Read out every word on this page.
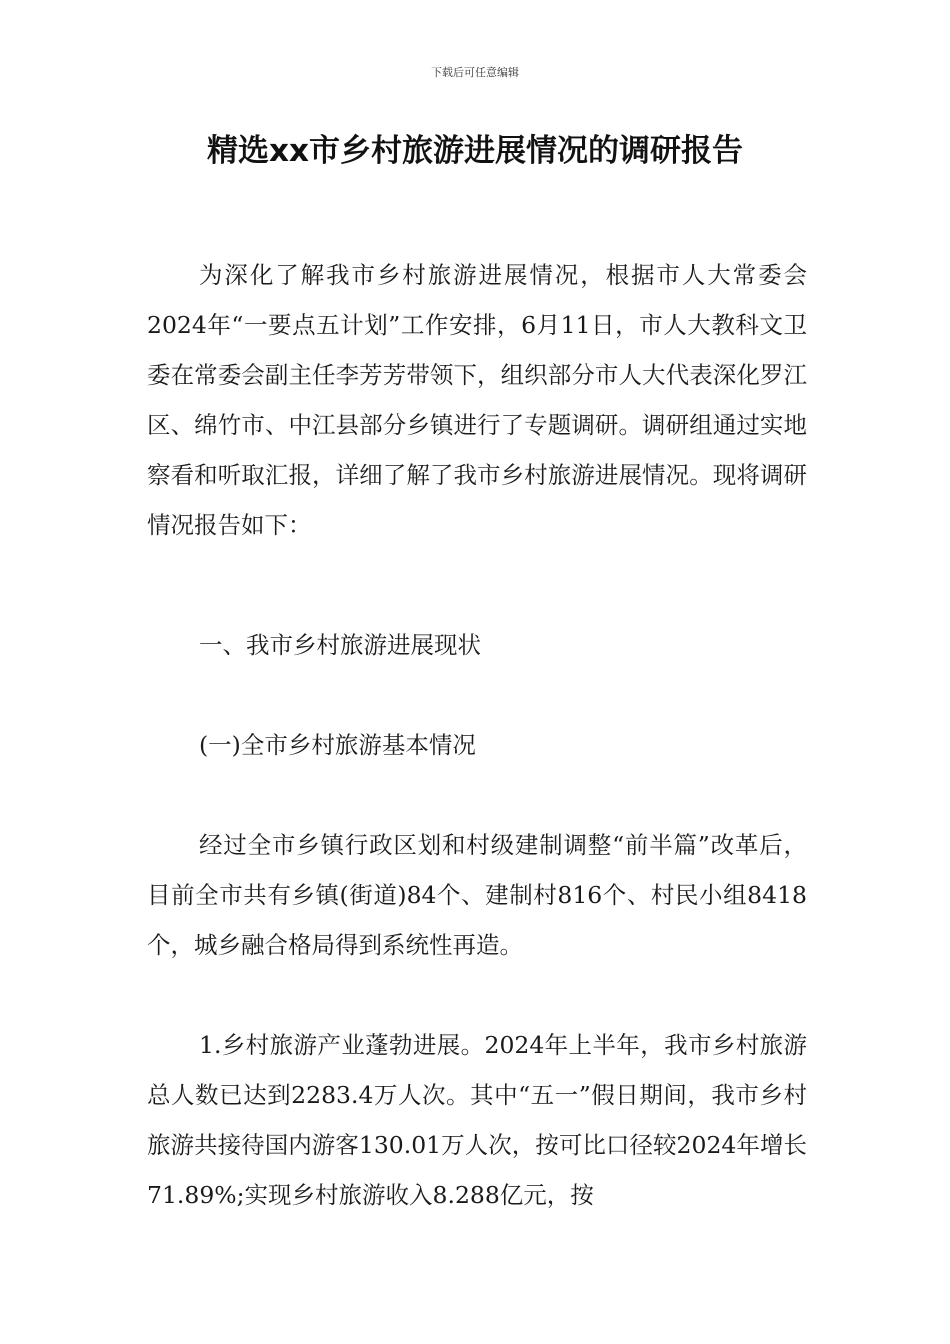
下载后可任意编辑
精选xx市乡村旅游进展情况的调研报告

为深化了解我市乡村旅游进展情况，根据市人大常委会2024年“一要点五计划”工作安排，6月11日，市人大教科文卫委在常委会副主任李芳芳带领下，组织部分市人大代表深化罗江区、绵竹市、中江县部分乡镇进行了专题调研。调研组通过实地察看和听取汇报，详细了解了我市乡村旅游进展情况。现将调研情况报告如下：

一、我市乡村旅游进展现状

(一)全市乡村旅游基本情况

经过全市乡镇行政区划和村级建制调整“前半篇”改革后，目前全市共有乡镇(街道)84个、建制村816个、村民小组8418个，城乡融合格局得到系统性再造。

1.乡村旅游产业蓬勃进展。2024年上半年，我市乡村旅游总人数已达到2283.4万人次。其中“五一”假日期间，我市乡村旅游共接待国内游客130.01万人次，按可比口径较2024年增长71.89%;实现乡村旅游收入8.288亿元，按
